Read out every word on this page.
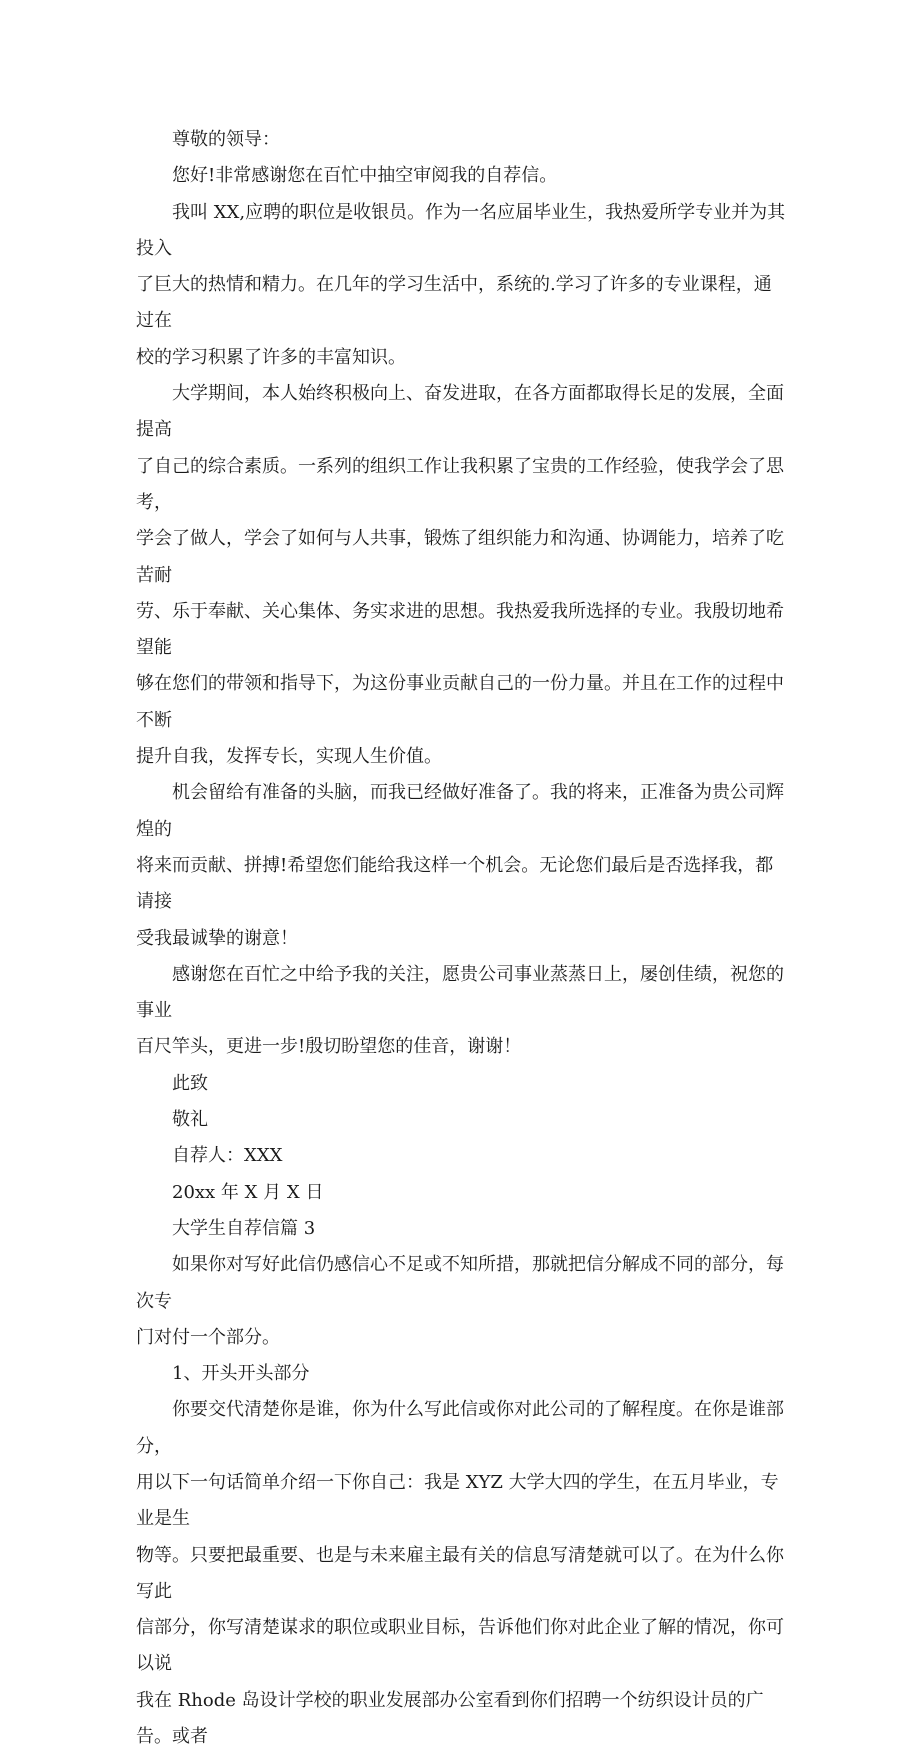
尊敬的领导：

您好!非常感谢您在百忙中抽空审阅我的自荐信。

我叫 XX,应聘的职位是收银员。作为一名应届毕业生，我热爱所学专业并为其投入
了巨大的热情和精力。在几年的学习生活中，系统的.学习了许多的专业课程，通过在
校的学习积累了许多的丰富知识。

大学期间，本人始终积极向上、奋发进取，在各方面都取得长足的发展，全面提高
了自己的综合素质。一系列的组织工作让我积累了宝贵的工作经验，使我学会了思考，
学会了做人，学会了如何与人共事，锻炼了组织能力和沟通、协调能力，培养了吃苦耐
劳、乐于奉献、关心集体、务实求进的思想。我热爱我所选择的专业。我殷切地希望能
够在您们的带领和指导下，为这份事业贡献自己的一份力量。并且在工作的过程中不断
提升自我，发挥专长，实现人生价值。

机会留给有准备的头脑，而我已经做好准备了。我的将来，正准备为贵公司辉煌的
将来而贡献、拼搏!希望您们能给我这样一个机会。无论您们最后是否选择我，都请接
受我最诚挚的谢意！

感谢您在百忙之中给予我的关注，愿贵公司事业蒸蒸日上，屡创佳绩，祝您的事业
百尺竿头，更进一步!殷切盼望您的佳音，谢谢！

此致

敬礼

自荐人：XXX

20xx 年 X 月 X 日

大学生自荐信篇 3

如果你对写好此信仍感信心不足或不知所措，那就把信分解成不同的部分，每次专
门对付一个部分。

1、开头开头部分

你要交代清楚你是谁，你为什么写此信或你对此公司的了解程度。在你是谁部分，
用以下一句话简单介绍一下你自己：我是 XYZ 大学大四的学生，在五月毕业，专业是生
物等。只要把最重要、也是与未来雇主最有关的信息写清楚就可以了。在为什么你写此
信部分，你写清楚谋求的职位或职业目标，告诉他们你对此企业了解的情况，你可以说
我在 Rhode 岛设计学校的职业发展部办公室看到你们招聘一个纺织设计员的广告。或者
